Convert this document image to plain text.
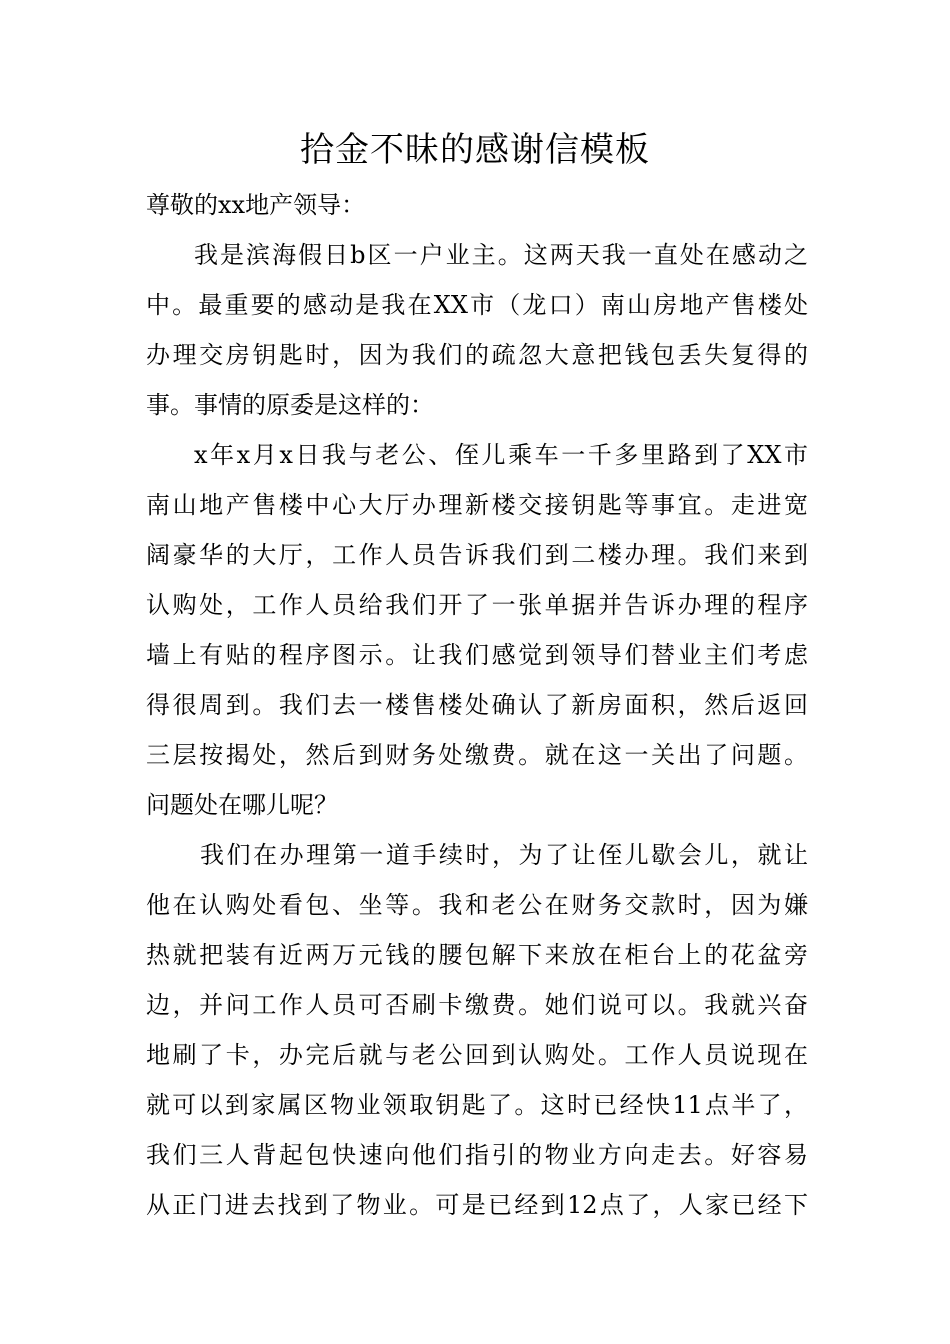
拾金不昧的感谢信模板
尊敬的xx地产领导：
我是滨海假日b区一户业主。这两天我一直处在感动之
中。最重要的感动是我在XX市（龙口）南山房地产售楼处
办理交房钥匙时，因为我们的疏忽大意把钱包丢失复得的
事。事情的原委是这样的：
x年x月x日我与老公、侄儿乘车一千多里路到了XX市
南山地产售楼中心大厅办理新楼交接钥匙等事宜。走进宽
阔豪华的大厅，工作人员告诉我们到二楼办理。我们来到
认购处，工作人员给我们开了一张单据并告诉办理的程序
墙上有贴的程序图示。让我们感觉到领导们替业主们考虑
得很周到。我们去一楼售楼处确认了新房面积，然后返回
三层按揭处，然后到财务处缴费。就在这一关出了问题。
问题处在哪儿呢？
我们在办理第一道手续时，为了让侄儿歇会儿，就让
他在认购处看包、坐等。我和老公在财务交款时，因为嫌
热就把装有近两万元钱的腰包解下来放在柜台上的花盆旁
边，并问工作人员可否刷卡缴费。她们说可以。我就兴奋
地刷了卡，办完后就与老公回到认购处。工作人员说现在
就可以到家属区物业领取钥匙了。这时已经快11点半了，
我们三人背起包快速向他们指引的物业方向走去。好容易
从正门进去找到了物业。可是已经到12点了，人家已经下
